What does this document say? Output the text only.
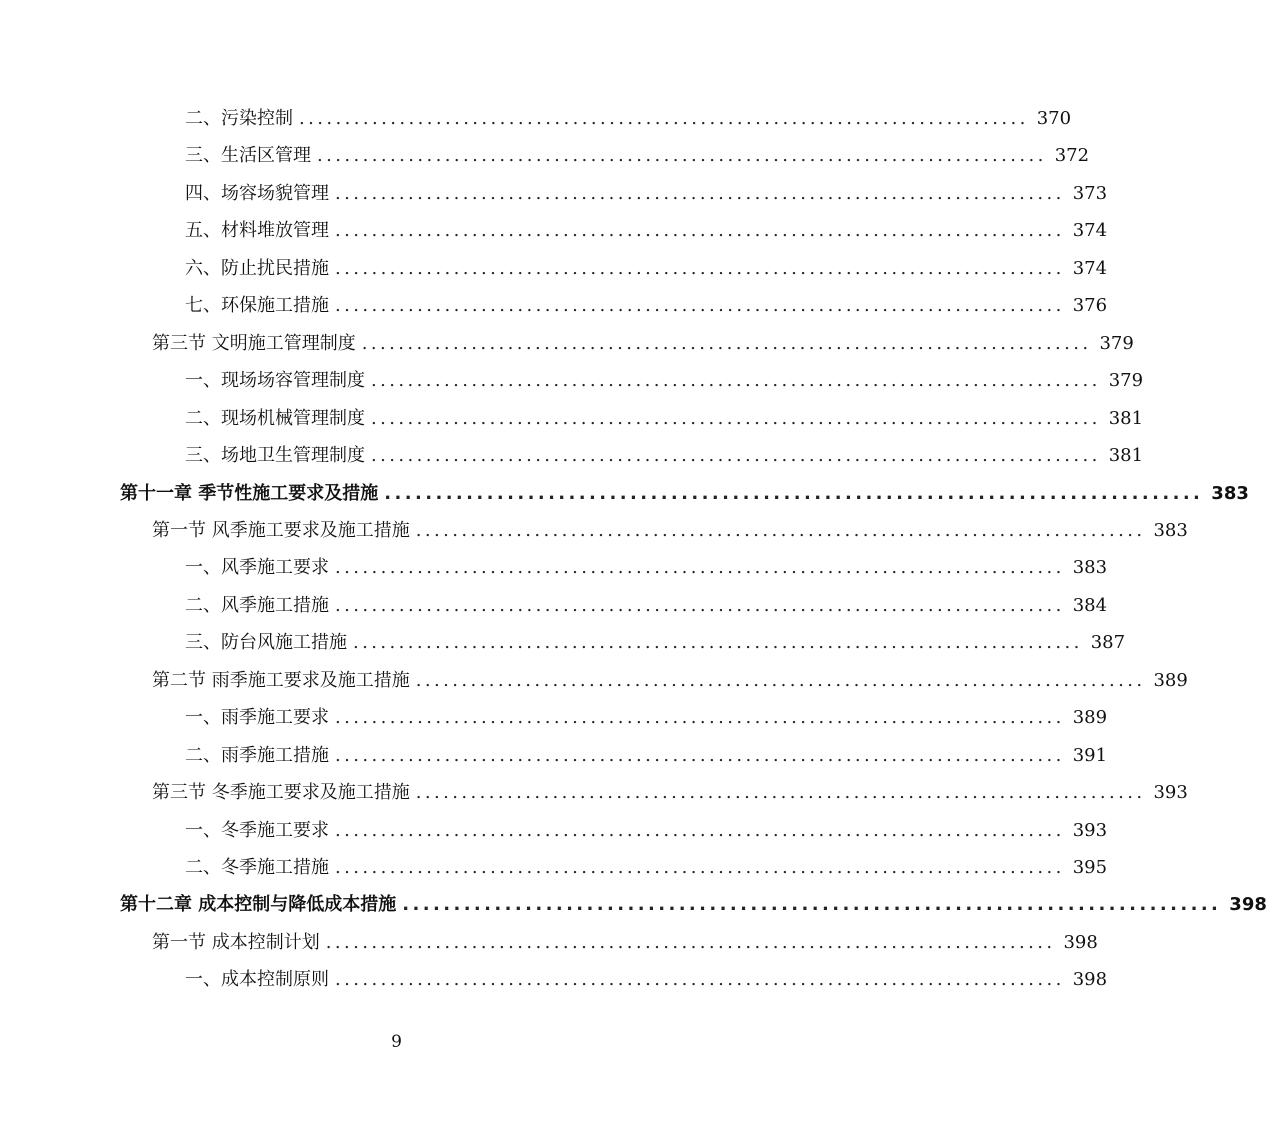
二、污染控制 ................................................................................ 370
三、生活区管理 ................................................................................ 372
四、场容场貌管理 ................................................................................ 373
五、材料堆放管理 ................................................................................ 374
六、防止扰民措施 ................................................................................ 374
七、环保施工措施 ................................................................................ 376
第三节 文明施工管理制度 ................................................................................ 379
一、现场场容管理制度 ................................................................................ 379
二、现场机械管理制度 ................................................................................ 381
三、场地卫生管理制度 ................................................................................ 381
第十一章 季节性施工要求及措施 ................................................................................ 383
第一节 风季施工要求及施工措施 ................................................................................ 383
一、风季施工要求 ................................................................................ 383
二、风季施工措施 ................................................................................ 384
三、防台风施工措施 ................................................................................ 387
第二节 雨季施工要求及施工措施 ................................................................................ 389
一、雨季施工要求 ................................................................................ 389
二、雨季施工措施 ................................................................................ 391
第三节 冬季施工要求及施工措施 ................................................................................ 393
一、冬季施工要求 ................................................................................ 393
二、冬季施工措施 ................................................................................ 395
第十二章 成本控制与降低成本措施 ................................................................................ 398
第一节 成本控制计划 ................................................................................ 398
一、成本控制原则 ................................................................................ 398
9
